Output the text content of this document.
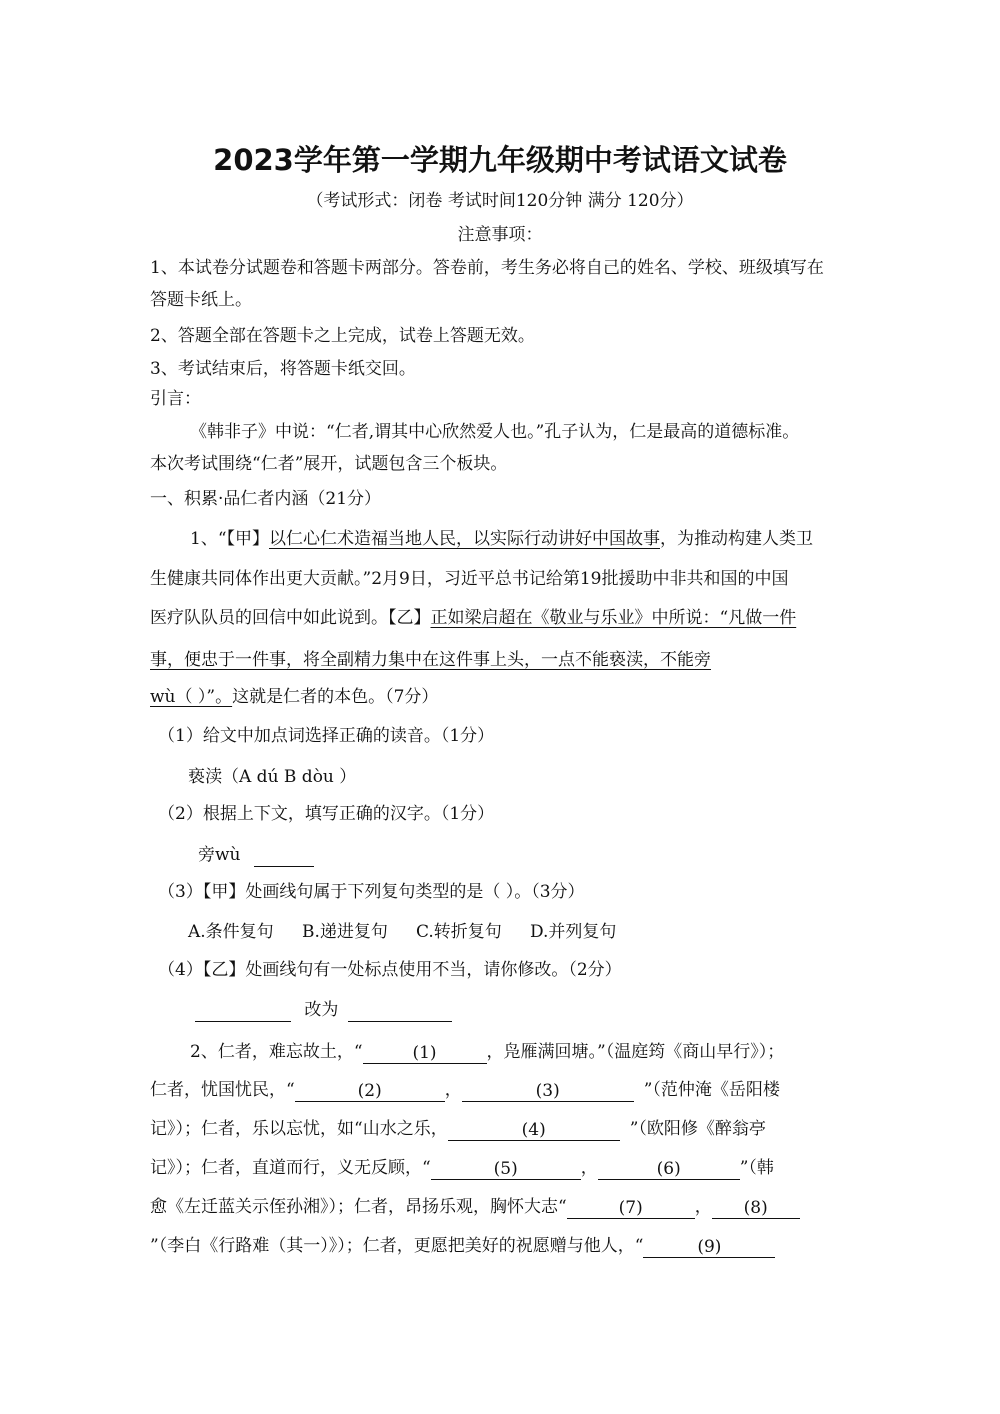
2023学年第一学期九年级期中考试语文试卷
（考试形式：闭卷 考试时间120分钟 满分 120分）
注意事项：
1、本试卷分试题卷和答题卡两部分。答卷前，考生务必将自己的姓名、学校、班级填写在
答题卡纸上。
2、答题全部在答题卡之上完成，试卷上答题无效。
3、考试结束后，将答题卡纸交回。
引言：
《韩非子》中说：“仁者,谓其中心欣然爱人也。”孔子认为，仁是最高的道德标准。
本次考试围绕“仁者”展开，试题包含三个板块。
一、积累·品仁者内涵（21分）
1、“【甲】以仁心仁术造福当地人民，以实际行动讲好中国故事，为推动构建人类卫
生健康共同体作出更大贡献。”2月9日，习近平总书记给第19批援助中非共和国的中国
医疗队队员的回信中如此说到。【乙】正如梁启超在《敬业与乐业》中所说：“凡做一件
事，便忠于一件事，将全副精力集中在这件事上头，一点不能亵渎，不能旁
wù（ ）”。这就是仁者的本色。（7分）
（1）给文中加点词选择正确的读音。（1分）
亵渎（A dú B dòu ）
（2）根据上下文，填写正确的汉字。（1分）
旁wù
（3）【甲】处画线句属于下列复句类型的是（ ）。（3分）
A.条件复句 B.递进复句 C.转折复句 D.并列复句
（4）【乙】处画线句有一处标点使用不当，请你修改。（2分）
改为
2、仁者，难忘故土，“	(1)	，凫雁满回塘。”（温庭筠《商山早行》）；
仁者，忧国忧民，“	(2)	，	(3)	”（范仲淹《岳阳楼
记》）；仁者，乐以忘忧，如“山水之乐，	(4)	”（欧阳修《醉翁亭
记》）；仁者，直道而行，义无反顾，“	(5)	，	(6)	”（韩
愈《左迁蓝关示侄孙湘》）；仁者，昂扬乐观，胸怀大志“	(7)	， (8)
”（李白《行路难（其一）》）；仁者，更愿把美好的祝愿赠与他人，“	(9)
